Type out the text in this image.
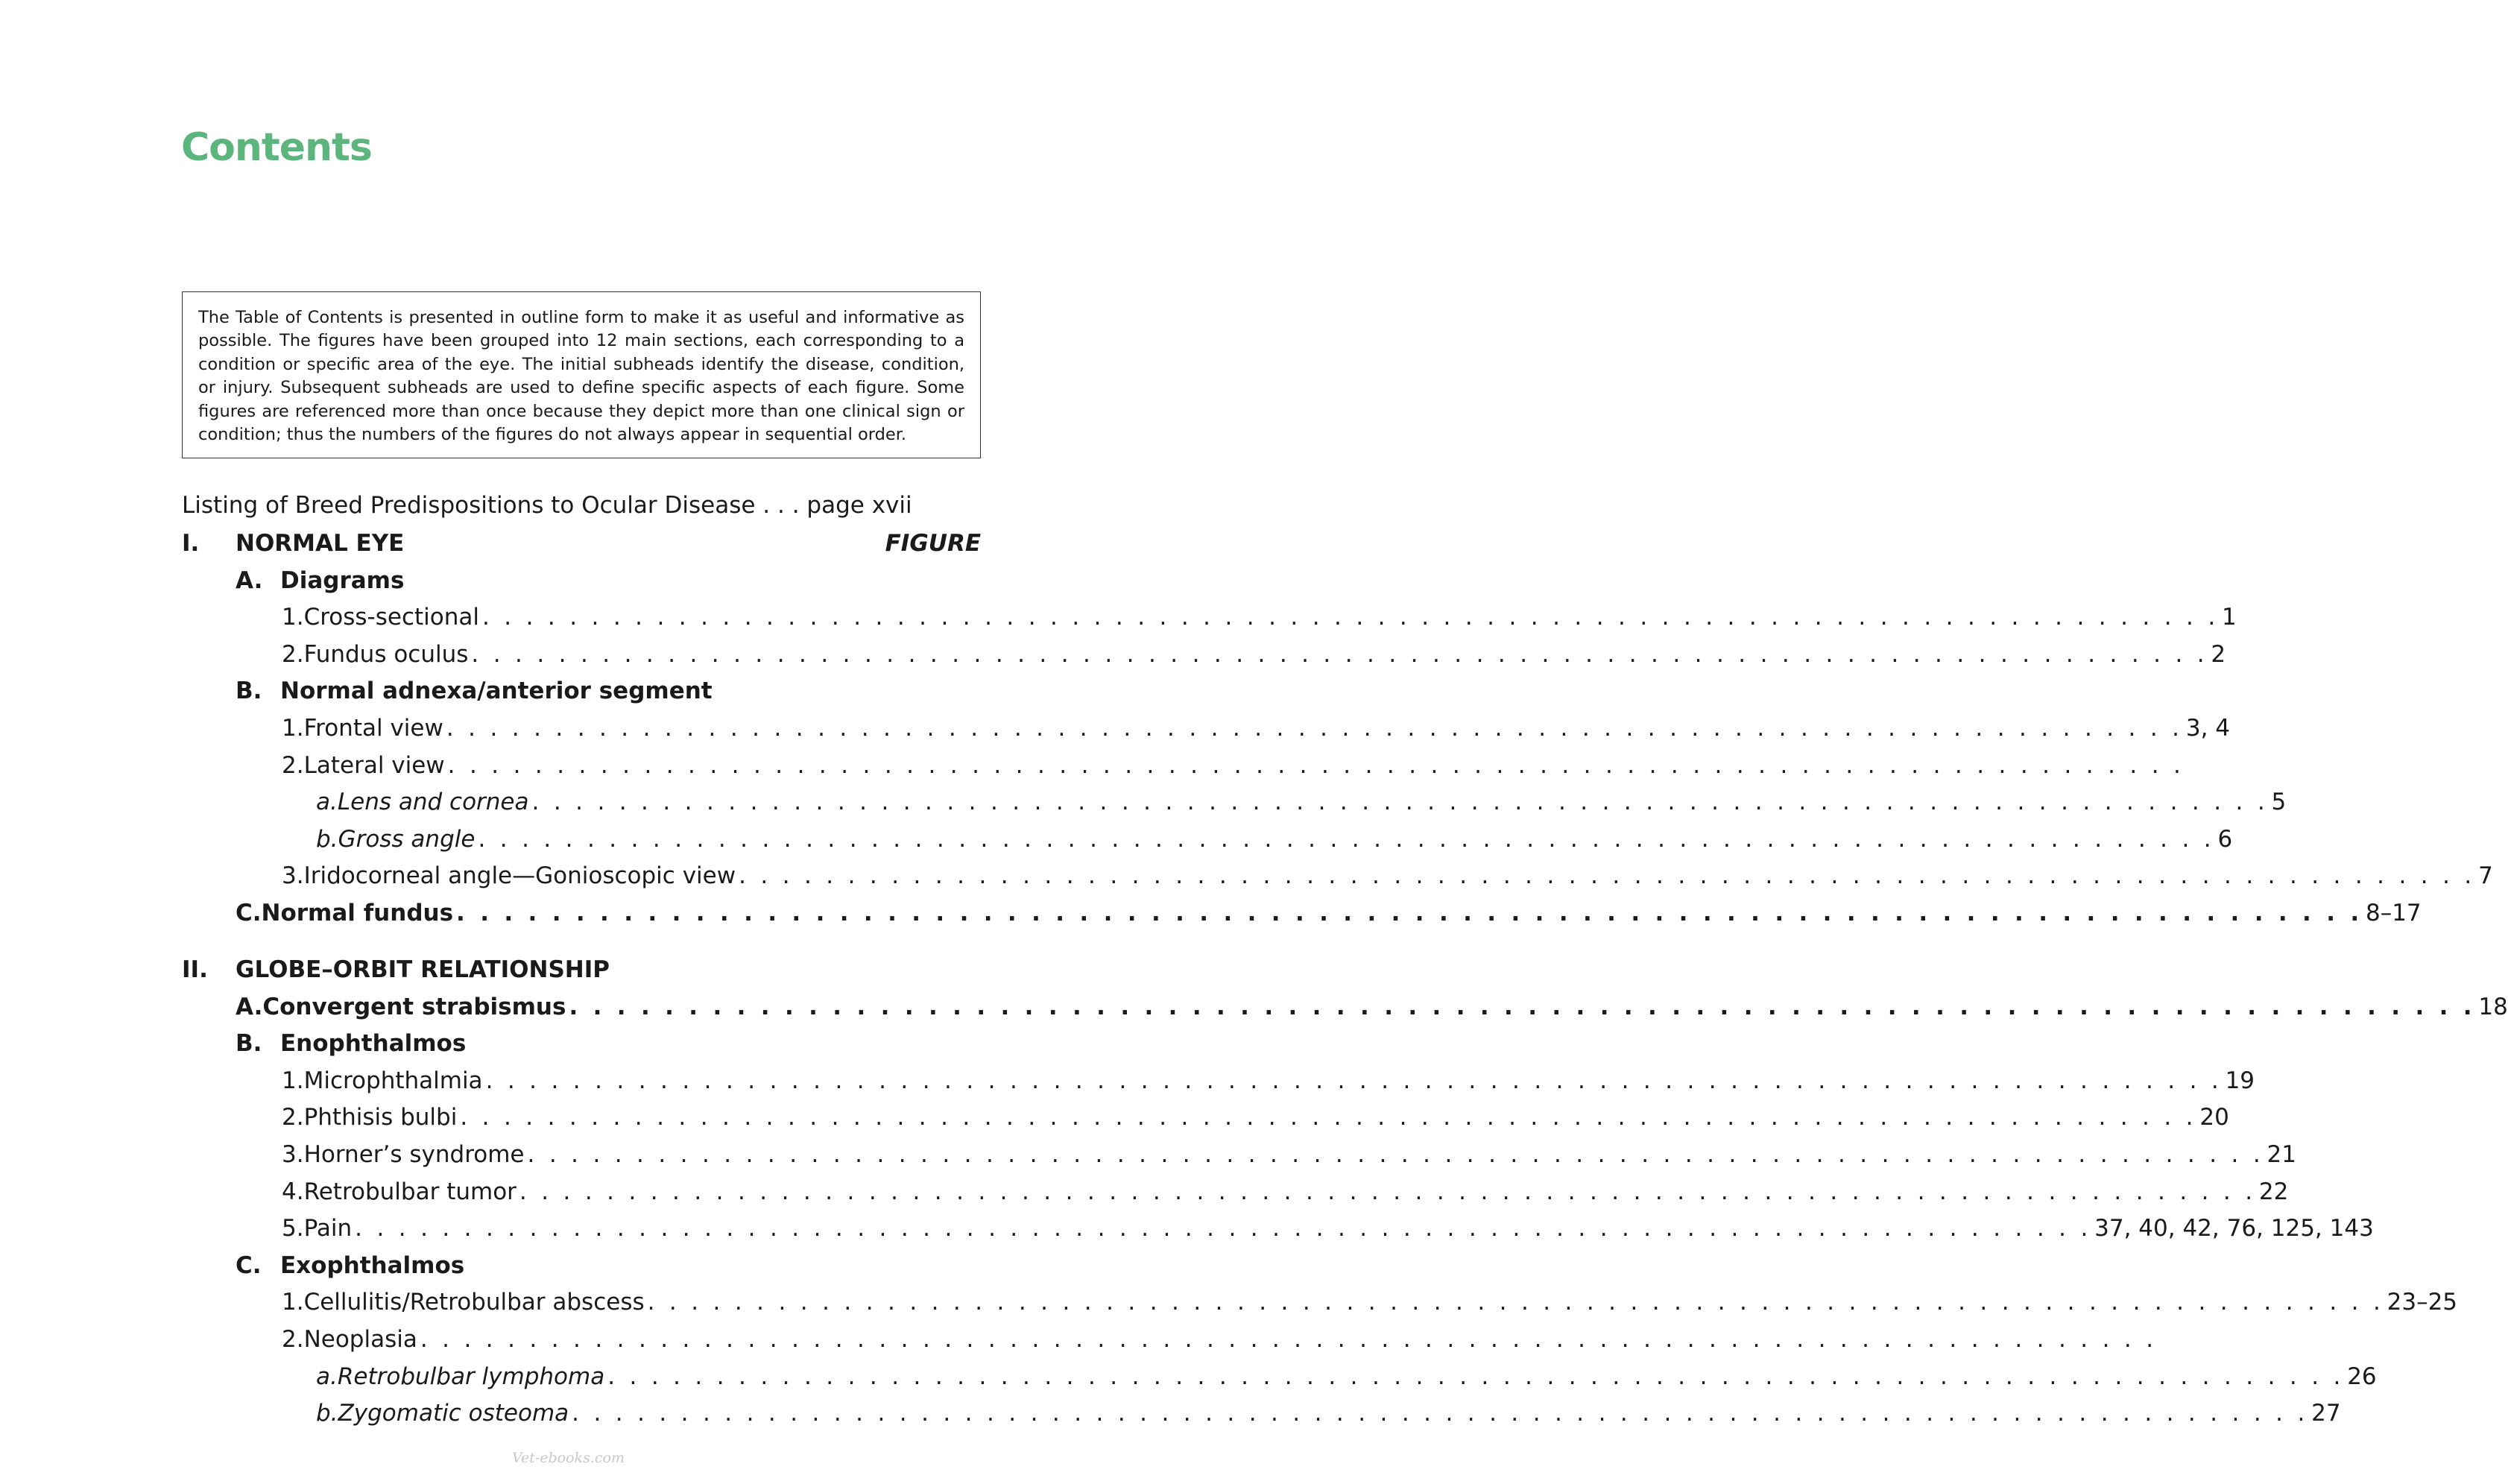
Contents
The Table of Contents is presented in outline form to make it as useful and informative as possible. The figures have been grouped into 12 main sections, each corresponding to a condition or specific area of the eye. The initial subheads identify the disease, condition, or injury. Subsequent subheads are used to define specific aspects of each figure. Some figures are referenced more than once because they depict more than one clinical sign or condition; thus the numbers of the figures do not always appear in sequential order.
Listing of Breed Predispositions to Ocular Disease . . . page xvii
FIGURE
I. NORMAL EYE
A. Diagrams
1. Cross-sectional . . . . . . . . . . . . . . . . . . . . . . . . . . . . . . . . . . . . . . . . . . . . . . . . . . . . . . . . . . . . . . . . . . . . . . . . . . . . . . . . 1
2. Fundus oculus . . . . . . . . . . . . . . . . . . . . . . . . . . . . . . . . . . . . . . . . . . . . . . . . . . . . . . . . . . . . . . . . . . . . . . . . . . . . . . . . 2
B. Normal adnexa/anterior segment
1. Frontal view . . . . . . . . . . . . . . . . . . . . . . . . . . . . . . . . . . . . . . . . . . . . . . . . . . . . . . . . . . . . . . . . . . . . . . . . . . . . . . . . 3, 4
2. Lateral view . . . . . . . . . . . . . . . . . . . . . . . . . . . . . . . . . . . . . . . . . . . . . . . . . . . . . . . . . . . . . . . . . . . . . . . . . . . . . . . .
a. Lens and cornea . . . . . . . . . . . . . . . . . . . . . . . . . . . . . . . . . . . . . . . . . . . . . . . . . . . . . . . . . . . . . . . . . . . . . . . . . . . . . . . . 5
b. Gross angle . . . . . . . . . . . . . . . . . . . . . . . . . . . . . . . . . . . . . . . . . . . . . . . . . . . . . . . . . . . . . . . . . . . . . . . . . . . . . . . . 6
3. Iridocorneal angle—Gonioscopic view . . . . . . . . . . . . . . . . . . . . . . . . . . . . . . . . . . . . . . . . . . . . . . . . . . . . . . . . . . . . . . . . . . . . . . . . . . . . . . . . 7
C. Normal fundus . . . . . . . . . . . . . . . . . . . . . . . . . . . . . . . . . . . . . . . . . . . . . . . . . . . . . . . . . . . . . . . . . . . . . . . . . . . . . . . . 8–17
II. GLOBE–ORBIT RELATIONSHIP
A. Convergent strabismus . . . . . . . . . . . . . . . . . . . . . . . . . . . . . . . . . . . . . . . . . . . . . . . . . . . . . . . . . . . . . . . . . . . . . . . . . . . . . . . . 18
B. Enophthalmos
1. Microphthalmia . . . . . . . . . . . . . . . . . . . . . . . . . . . . . . . . . . . . . . . . . . . . . . . . . . . . . . . . . . . . . . . . . . . . . . . . . . . . . . . . 19
2. Phthisis bulbi . . . . . . . . . . . . . . . . . . . . . . . . . . . . . . . . . . . . . . . . . . . . . . . . . . . . . . . . . . . . . . . . . . . . . . . . . . . . . . . . 20
3. Horner’s syndrome . . . . . . . . . . . . . . . . . . . . . . . . . . . . . . . . . . . . . . . . . . . . . . . . . . . . . . . . . . . . . . . . . . . . . . . . . . . . . . . . 21
4. Retrobulbar tumor . . . . . . . . . . . . . . . . . . . . . . . . . . . . . . . . . . . . . . . . . . . . . . . . . . . . . . . . . . . . . . . . . . . . . . . . . . . . . . . . 22
5. Pain . . . . . . . . . . . . . . . . . . . . . . . . . . . . . . . . . . . . . . . . . . . . . . . . . . . . . . . . . . . . . . . . . . . . . . . . . . . . . . . . 37, 40, 42, 76, 125, 143
C. Exophthalmos
1. Cellulitis/Retrobulbar abscess . . . . . . . . . . . . . . . . . . . . . . . . . . . . . . . . . . . . . . . . . . . . . . . . . . . . . . . . . . . . . . . . . . . . . . . . . . . . . . . . 23–25
2. Neoplasia . . . . . . . . . . . . . . . . . . . . . . . . . . . . . . . . . . . . . . . . . . . . . . . . . . . . . . . . . . . . . . . . . . . . . . . . . . . . . . . .
a. Retrobulbar lymphoma . . . . . . . . . . . . . . . . . . . . . . . . . . . . . . . . . . . . . . . . . . . . . . . . . . . . . . . . . . . . . . . . . . . . . . . . . . . . . . . . 26
b. Zygomatic osteoma . . . . . . . . . . . . . . . . . . . . . . . . . . . . . . . . . . . . . . . . . . . . . . . . . . . . . . . . . . . . . . . . . . . . . . . . . . . . . . . . 27
Vet-ebooks.com
